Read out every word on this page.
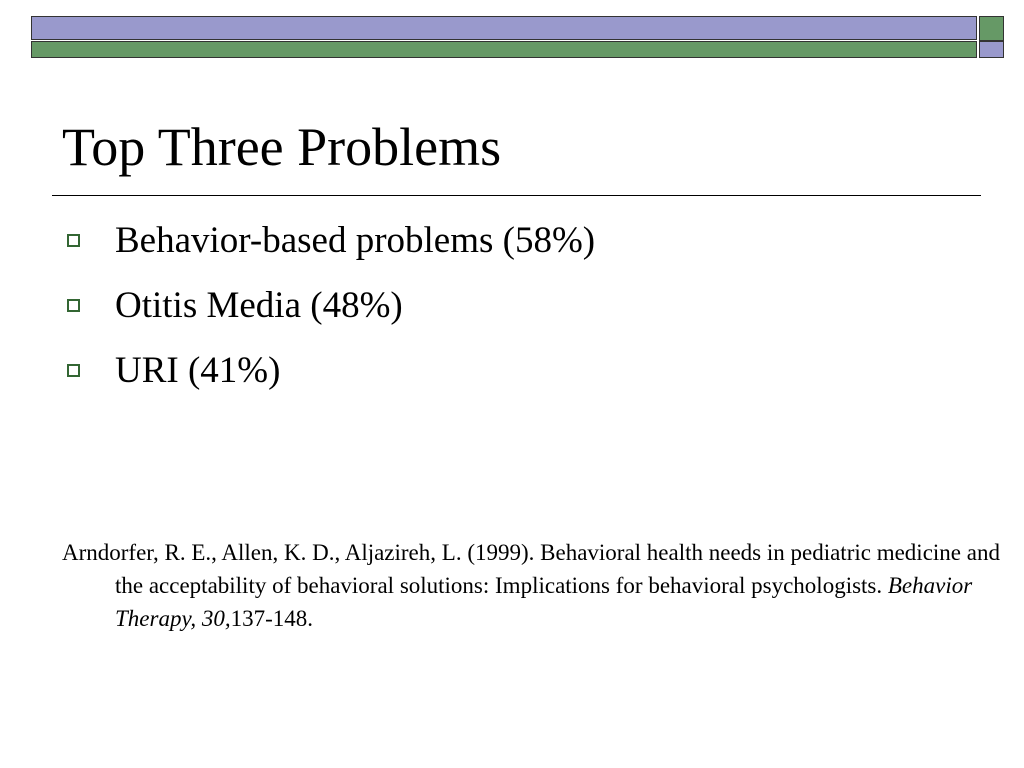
Top Three Problems
Behavior-based problems (58%)
Otitis Media (48%)
URI (41%)
Arndorfer, R. E., Allen, K. D., Aljazireh, L. (1999). Behavioral health needs in pediatric medicine and the acceptability of behavioral solutions: Implications for behavioral psychologists. Behavior Therapy, 30,137-148.
